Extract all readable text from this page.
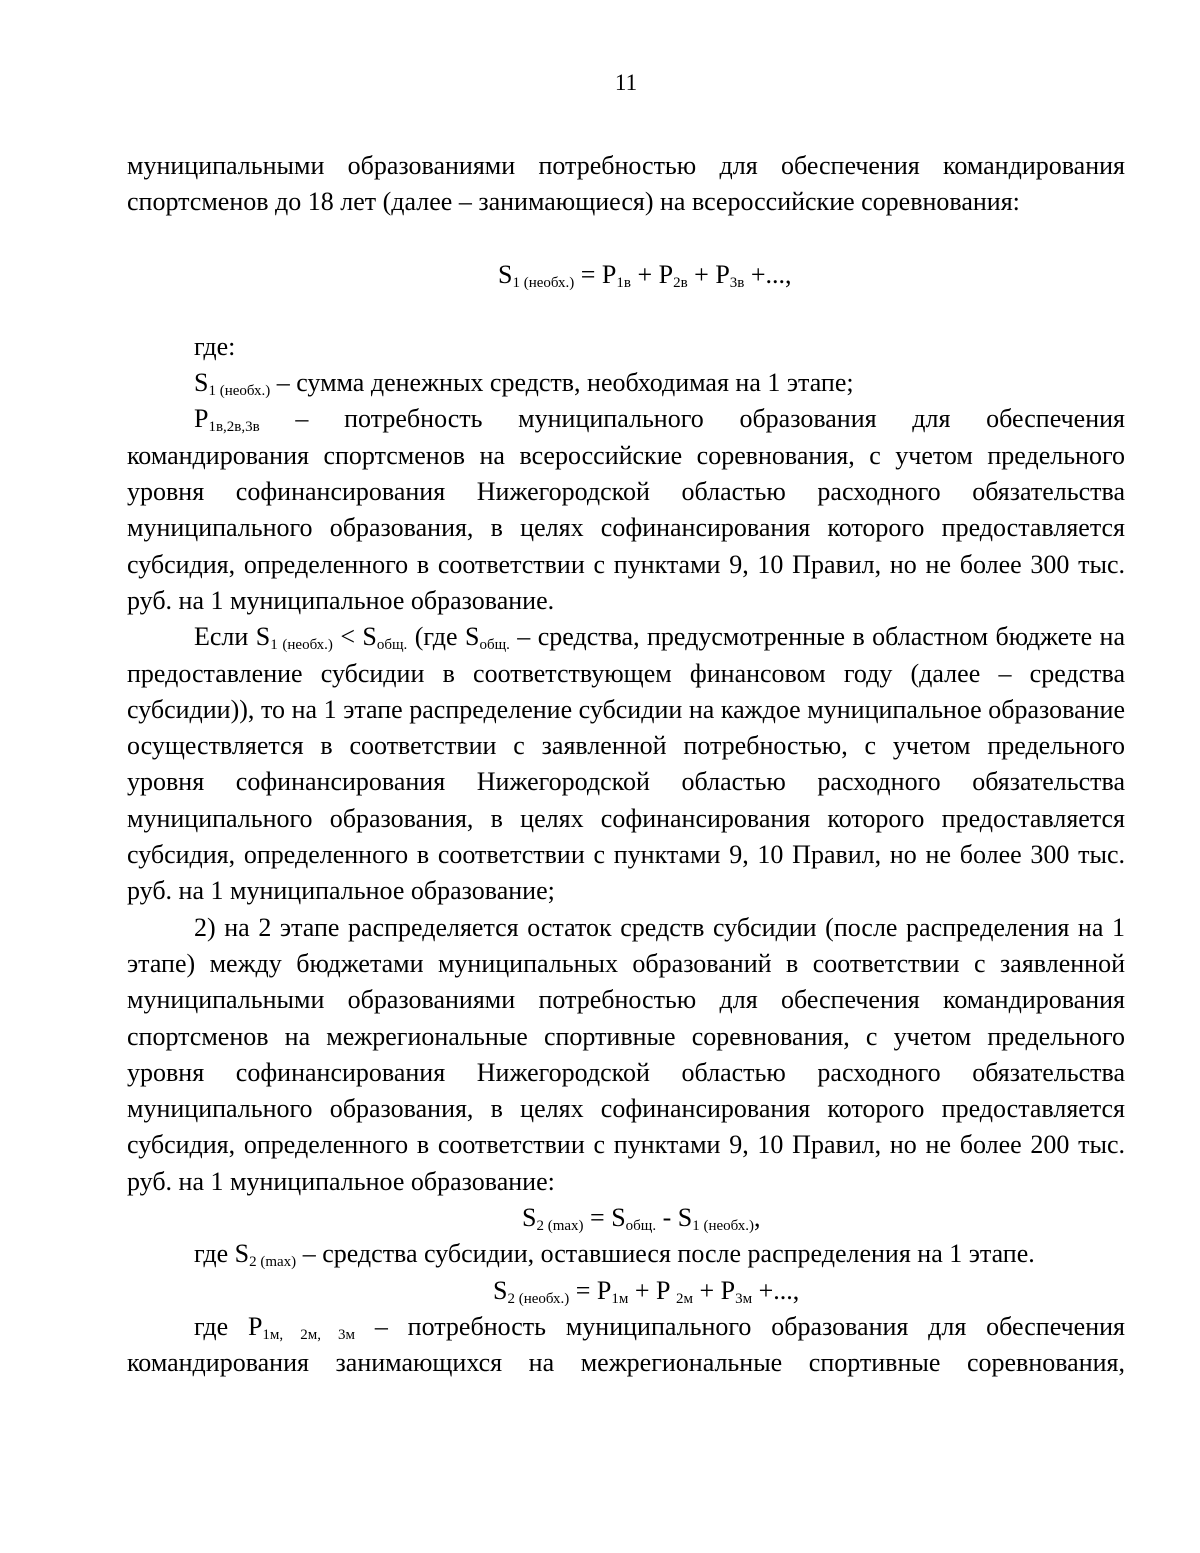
11

муниципальными образованиями потребностью для обеспечения командирования спортсменов до 18 лет (далее – занимающиеся) на всероссийские соревнования:

$S_1$ $_{(необх.)} = P_{1в} + P_{2в} + P_{3в}$ +...,

где:

$S_1$ $_{(необх.)}$ – сумма денежных средств, необходимая на 1 этапе;

$P_{1в,2в,3в}$ – потребность муниципального образования для обеспечения командирования спортсменов на всероссийские соревнования, с учетом предельного уровня софинансирования Нижегородской областью расходного обязательства муниципального образования, в целях софинансирования которого предоставляется субсидия, определенного в соответствии с пунктами 9, 10 Правил, но не более 300 тыс. руб. на 1 муниципальное образование.

Если $S_1$ $_{(необх.)} < S_{общ.}$ (где $S_{общ.}$ – средства, предусмотренные в областном бюджете на предоставление субсидии в соответствующем финансовом году (далее – средства субсидии)), то на 1 этапе распределение субсидии на каждое муниципальное образование осуществляется в соответствии с заявленной потребностью, с учетом предельного уровня софинансирования Нижегородской областью расходного обязательства муниципального образования, в целях софинансирования которого предоставляется субсидия, определенного в соответствии с пунктами 9, 10 Правил, но не более 300 тыс. руб. на 1 муниципальное образование;

2) на 2 этапе распределяется остаток средств субсидии (после распределения на 1 этапе) между бюджетами муниципальных образований в соответствии с заявленной муниципальными образованиями потребностью для обеспечения командирования спортсменов на межрегиональные спортивные соревнования, с учетом предельного уровня софинансирования Нижегородской областью расходного обязательства муниципального образования, в целях софинансирования которого предоставляется субсидия, определенного в соответствии с пунктами 9, 10 Правил, но не более 200 тыс. руб. на 1 муниципальное образование:

$S_2$ $_{(max)} = S_{общ.} - S_1$ $_{(необх.)}$,

где $S_2$ $_{(max)}$ – средства субсидии, оставшиеся после распределения на 1 этапе.

$S_2$ $_{(необх.)} = P_{1м} + P$ $_{2м} + P_{3м}$ +...,

где $P_{1м, 2м, 3м}$ – потребность муниципального образования для обеспечения командирования занимающихся на межрегиональные спортивные соревнования,
